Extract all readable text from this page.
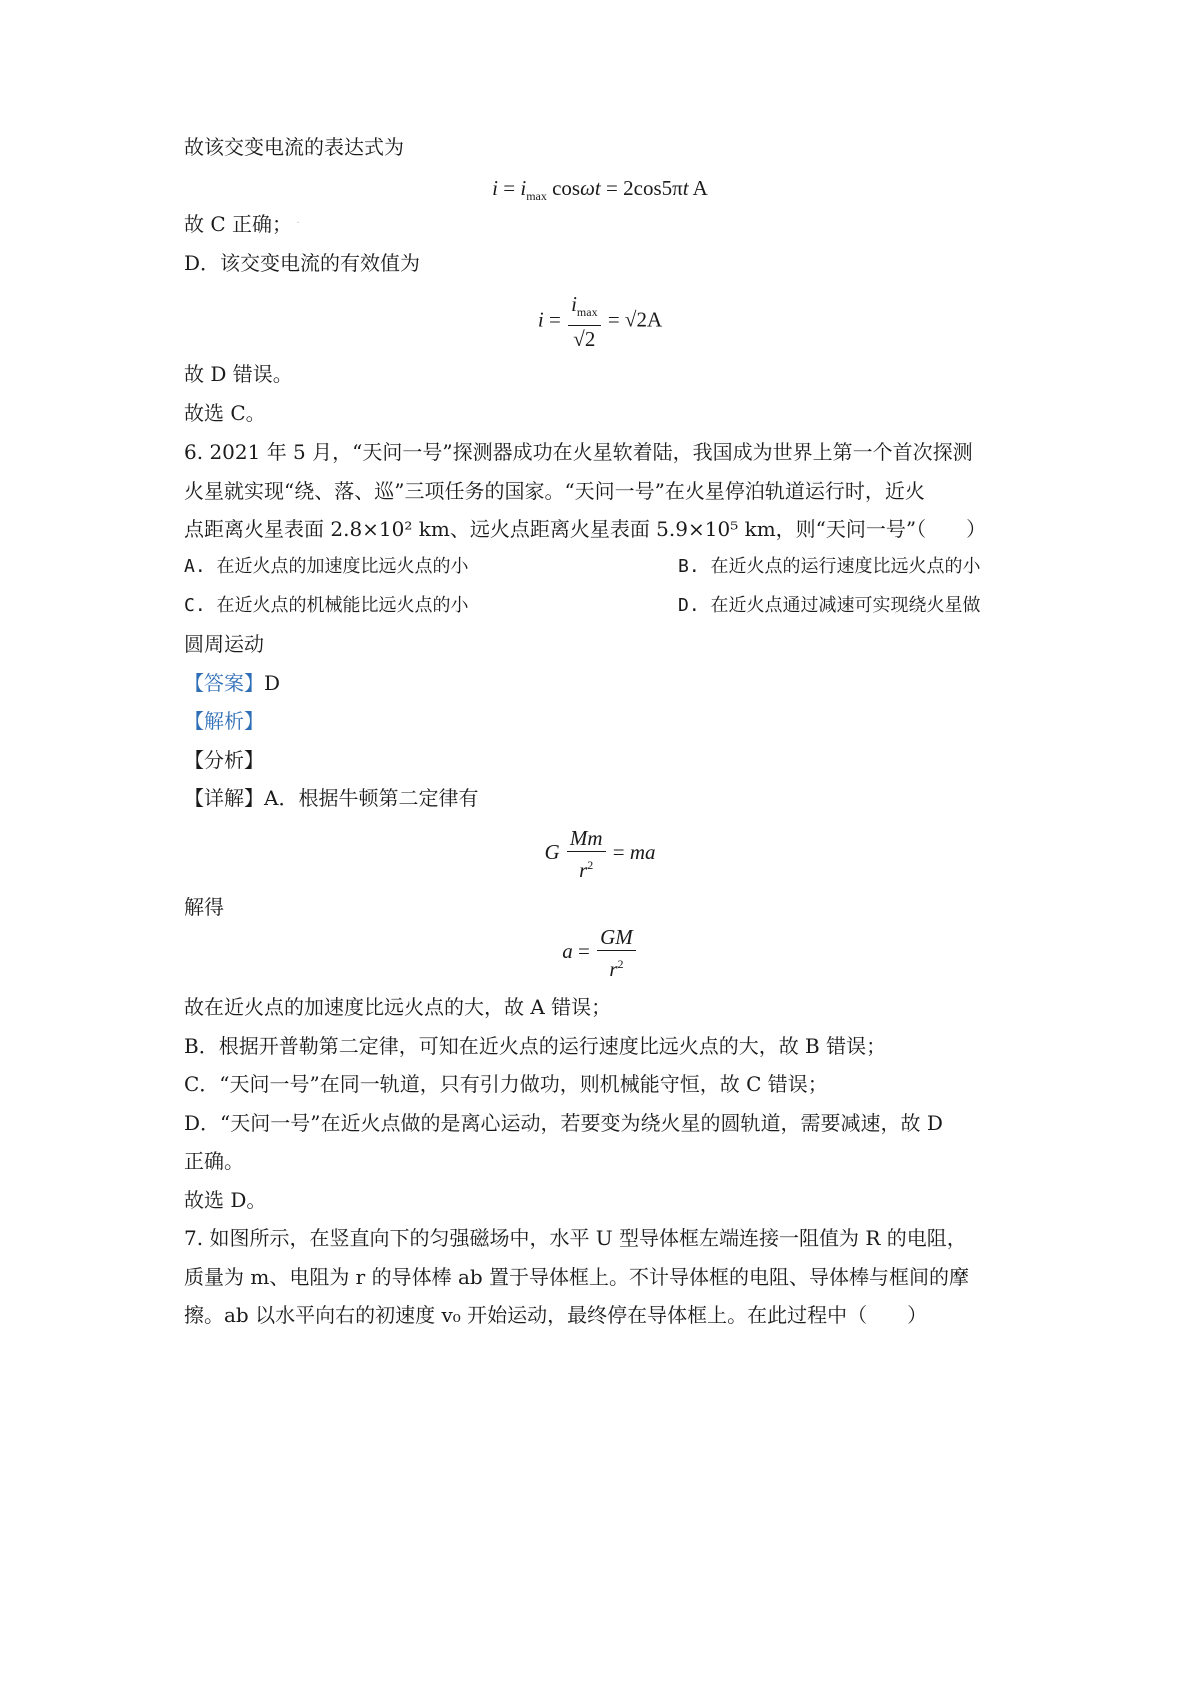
故该交变电流的表达式为
$i = i_{max}$ cosωt = 2cos5πt A
故 C 正确； ˙
D．该交变电流的有效值为
$i = \frac{i_{max}}{√2} = √2A$
故 D 错误。
故选 C。
6. 2021 年 5 月，“天问一号”探测器成功在火星软着陆，我国成为世界上第一个首次探测
火星就实现“绕、落、巡”三项任务的国家。“天问一号”在火星停泊轨道运行时，近火
点距离火星表面 2.8×10² km、远火点距离火星表面 5.9×10⁵ km，则“天问一号”（　　）
A. 在近火点的加速度比远火点的小	B. 在近火点的运行速度比远火点的小
C. 在近火点的机械能比远火点的小	D. 在近火点通过减速可实现绕火星做
圆周运动
【答案】D
【解析】
【分析】
【详解】A．根据牛顿第二定律有
G $\frac{Mm}{r^2}$ = ma
解得
$a = \frac{GM}{r^2}$
故在近火点的加速度比远火点的大，故 A 错误；
B．根据开普勒第二定律，可知在近火点的运行速度比远火点的大，故 B 错误；
C．“天问一号”在同一轨道，只有引力做功，则机械能守恒，故 C 错误；
D．“天问一号”在近火点做的是离心运动，若要变为绕火星的圆轨道，需要减速，故 D
正确。
故选 D。
7. 如图所示，在竖直向下的匀强磁场中，水平 U 型导体框左端连接一阻值为 R 的电阻，
质量为 m、电阻为 r 的导体棒 ab 置于导体框上。不计导体框的电阻、导体棒与框间的摩
擦。ab 以水平向右的初速度 v₀ 开始运动，最终停在导体框上。在此过程中（　　）
